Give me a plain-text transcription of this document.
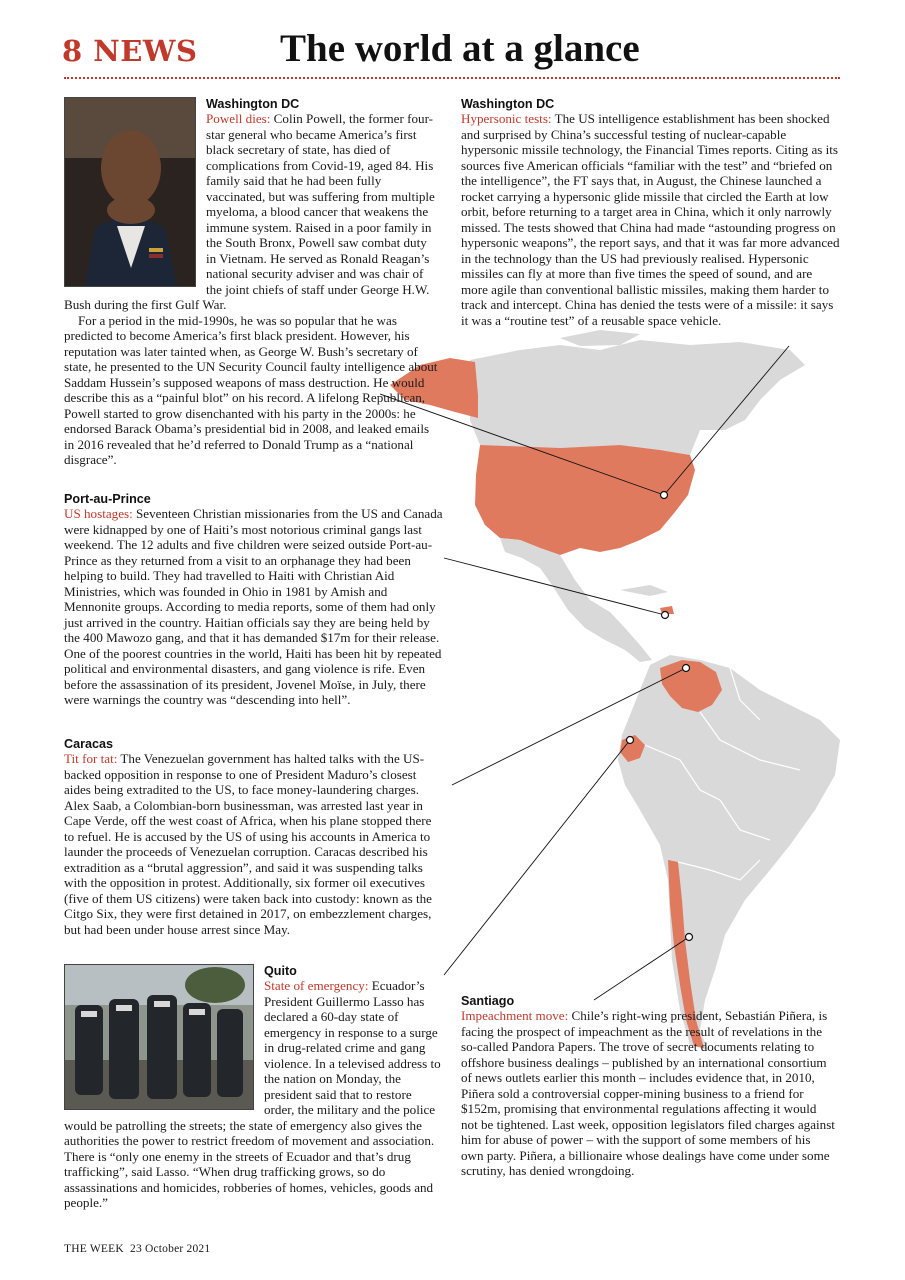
8 NEWS The world at a glance
Washington DC

Powell dies: Colin Powell, the former four-star general who became America’s first black secretary of state, has died of complications from Covid-19, aged 84. His family said that he had been fully vaccinated, but was suffering from multiple myeloma, a blood cancer that weakens the immune system. Raised in a poor family in the South Bronx, Powell saw combat duty in Vietnam. He served as Ronald Reagan’s national security adviser and was chair of the joint chiefs of staff under George H.W. Bush during the first Gulf War.

For a period in the mid-1990s, he was so popular that he was predicted to become America’s first black president. However, his reputation was later tainted when, as George W. Bush’s secretary of state, he presented to the UN Security Council faulty intelligence about Saddam Hussein’s supposed weapons of mass destruction. He would describe this as a “painful blot” on his record. A lifelong Republican, Powell started to grow disenchanted with his party in the 2000s: he endorsed Barack Obama’s presidential bid in 2008, and leaked emails in 2016 revealed that he’d referred to Donald Trump as a “national disgrace”.

Washington DC

Hypersonic tests: The US intelligence establishment has been shocked and surprised by China’s successful testing of nuclear-capable hypersonic missile technology, the Financial Times reports. Citing as its sources five American officials “familiar with the test” and “briefed on the intelligence”, the FT says that, in August, the Chinese launched a rocket carrying a hypersonic glide missile that circled the Earth at low orbit, before returning to a target area in China, which it only narrowly missed. The tests showed that China had made “astounding progress on hypersonic weapons”, the report says, and that it was far more advanced in the technology than the US had previously realised. Hypersonic missiles can fly at more than five times the speed of sound, and are more agile than conventional ballistic missiles, making them harder to track and intercept. China has denied the tests were of a missile: it says it was a “routine test” of a reusable space vehicle.

Port-au-Prince

US hostages: Seventeen Christian missionaries from the US and Canada were kidnapped by one of Haiti’s most notorious criminal gangs last weekend. The 12 adults and five children were seized outside Port-au-Prince as they returned from a visit to an orphanage they had been helping to build. They had travelled to Haiti with Christian Aid Ministries, which was founded in Ohio in 1981 by Amish and Mennonite groups. According to media reports, some of them had only just arrived in the country. Haitian officials say they are being held by the 400 Mawozo gang, and that it has demanded $17m for their release. One of the poorest countries in the world, Haiti has been hit by repeated political and environmental disasters, and gang violence is rife. Even before the assassination of its president, Jovenel Moïse, in July, there were warnings the country was “descending into hell”.

Caracas

Tit for tat: The Venezuelan government has halted talks with the US-backed opposition in response to one of President Maduro’s closest aides being extradited to the US, to face money-laundering charges. Alex Saab, a Colombian-born businessman, was arrested last year in Cape Verde, off the west coast of Africa, when his plane stopped there to refuel. He is accused by the US of using his accounts in America to launder the proceeds of Venezuelan corruption. Caracas described his extradition as a “brutal aggression”, and said it was suspending talks with the opposition in protest. Additionally, six former oil executives (five of them US citizens) were taken back into custody: known as the Citgo Six, they were first detained in 2017, on embezzlement charges, but had been under house arrest since May.

Quito

State of emergency: Ecuador’s President Guillermo Lasso has declared a 60-day state of emergency in response to a surge in drug-related crime and gang violence. In a televised address to the nation on Monday, the president said that to restore order, the military and the police would be patrolling the streets; the state of emergency also gives the authorities the power to restrict freedom of movement and association. There is “only one enemy in the streets of Ecuador and that’s drug trafficking”, said Lasso. “When drug trafficking grows, so do assassinations and homicides, robberies of homes, vehicles, goods and people.”

Santiago

Impeachment move: Chile’s right-wing president, Sebastián Piñera, is facing the prospect of impeachment as the result of revelations in the so-called Pandora Papers. The trove of secret documents relating to offshore business dealings – published by an international consortium of news outlets earlier this month – includes evidence that, in 2010, Piñera sold a controversial copper-mining business to a friend for $152m, promising that environmental regulations affecting it would not be tightened. Last week, opposition legislators filed charges against him for abuse of power – with the support of some members of his own party. Piñera, a billionaire whose dealings have come under some scrutiny, has denied wrongdoing.

THE WEEK 23 October 2021
